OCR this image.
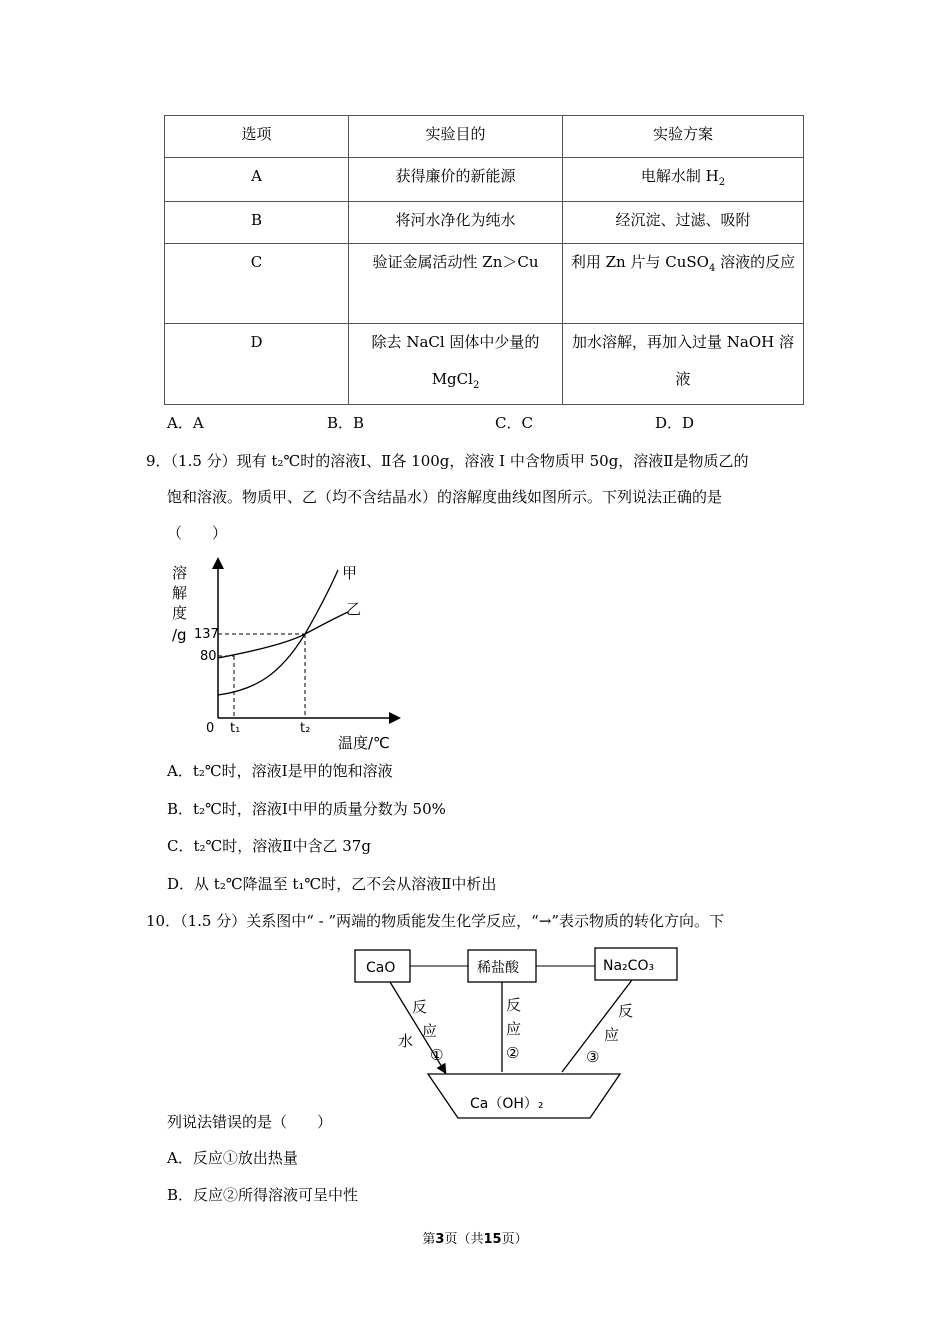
选项	实验目的	实验方案
A	获得廉价的新能源	电解水制 $H_2$
B	将河水净化为纯水	经沉淀、过滤、吸附
C	验证金属活动性 Zn＞Cu	利用 Zn 片与 CuSO$_4$ 溶液的反应
D	除去 NaCl 固体中少量的 MgCl$_2$	加水溶解，再加入过量 NaOH 溶液
A．A	B．B	C．C	D．D
9．（1.5 分）现有 t₂℃时的溶液Ⅰ、Ⅱ各 100g，溶液 Ⅰ 中含物质甲 50g，溶液Ⅱ是物质乙的
饱和溶液。物质甲、乙（均不含结晶水）的溶解度曲线如图所示。下列说法正确的是
（　　）
溶
解
度
/g 137
80
0 t₁	t₂
温度/℃
甲
乙
A．t₂℃时，溶液Ⅰ是甲的饱和溶液
B．t₂℃时，溶液Ⅰ中甲的质量分数为 50%
C．t₂℃时，溶液Ⅱ中含乙 37g
D．从 t₂℃降温至 t₁℃时，乙不会从溶液Ⅱ中析出
10．（1.5 分）关系图中“ - ”两端的物质能发生化学反应，“→”表示物质的转化方向。下
CaO	稀盐酸	Na₂CO₃
Ca（OH）₂
水
反
应
①
反
应
②
反
应
③
列说法错误的是（　　）
A．反应①放出热量
B．反应②所得溶液可呈中性
第3页（共15页）
